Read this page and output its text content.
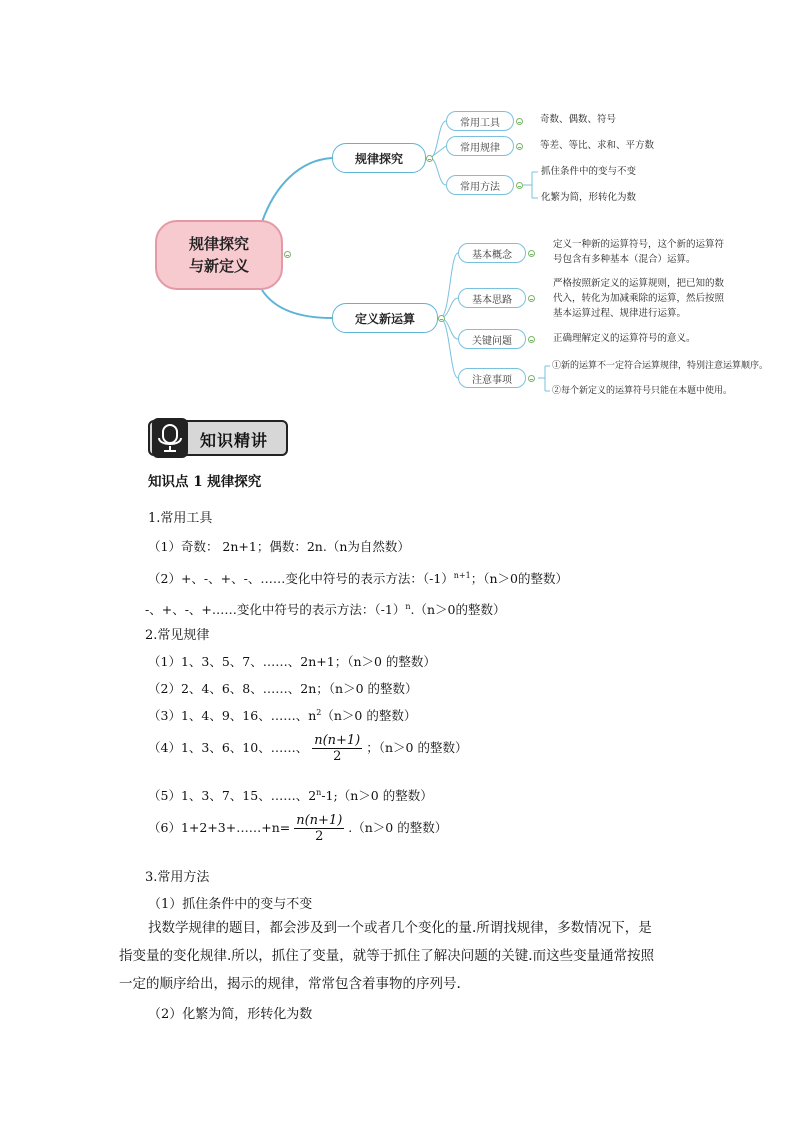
规律探究
与新定义
规律探究
定义新运算
常用工具	奇数、偶数、符号
常用规律	等差、等比、求和、平方数
常用方法
抓住条件中的变与不变
化繁为简，形转化为数
基本概念
定义一种新的运算符号，这个新的运算符
号包含有多种基本（混合）运算。
基本思路
严格按照新定义的运算规则，把已知的数
代入，转化为加减乘除的运算，然后按照
基本运算过程、规律进行运算。
关键问题	正确理解定义的运算符号的意义。
注意事项
①新的运算不一定符合运算规律，特别注意运算顺序。
②每个新定义的运算符号只能在本题中使用。
知识精讲
知识点 1 规律探究
1.常用工具
（1）奇数： 2n+1；偶数：2n.（n为自然数）
（2）+、-、+、-、……变化中符号的表示方法：$(-1)^{n+1}$；（n＞0的整数）
-、+、-、+……变化中符号的表示方法：$(-1)^n.(n>0$的整数）
2.常见规律
（1）1、3、5、7、……、2n+1；（n＞0 的整数）
（2）2、4、6、8、……、2n；（n＞0 的整数）
（3）1、4、9、16、……、$n^2(n>0$ 的整数）
（4）1、3、6、10、……、 $\frac{n(n+1)}{2}$ ；（n＞0 的整数）
（5）1、3、7、15、……、$2^n-1;(n>0$ 的整数）
（6）1+2+3+……+n= $\frac{n(n+1)}{2} .(n>0$ 的整数）
3.常用方法
（1）抓住条件中的变与不变
找数学规律的题目，都会涉及到一个或者几个变化的量.所谓找规律，多数情况下，是
指变量的变化规律.所以，抓住了变量，就等于抓住了解决问题的关键.而这些变量通常按照
一定的顺序给出，揭示的规律，常常包含着事物的序列号.
（2）化繁为简，形转化为数
